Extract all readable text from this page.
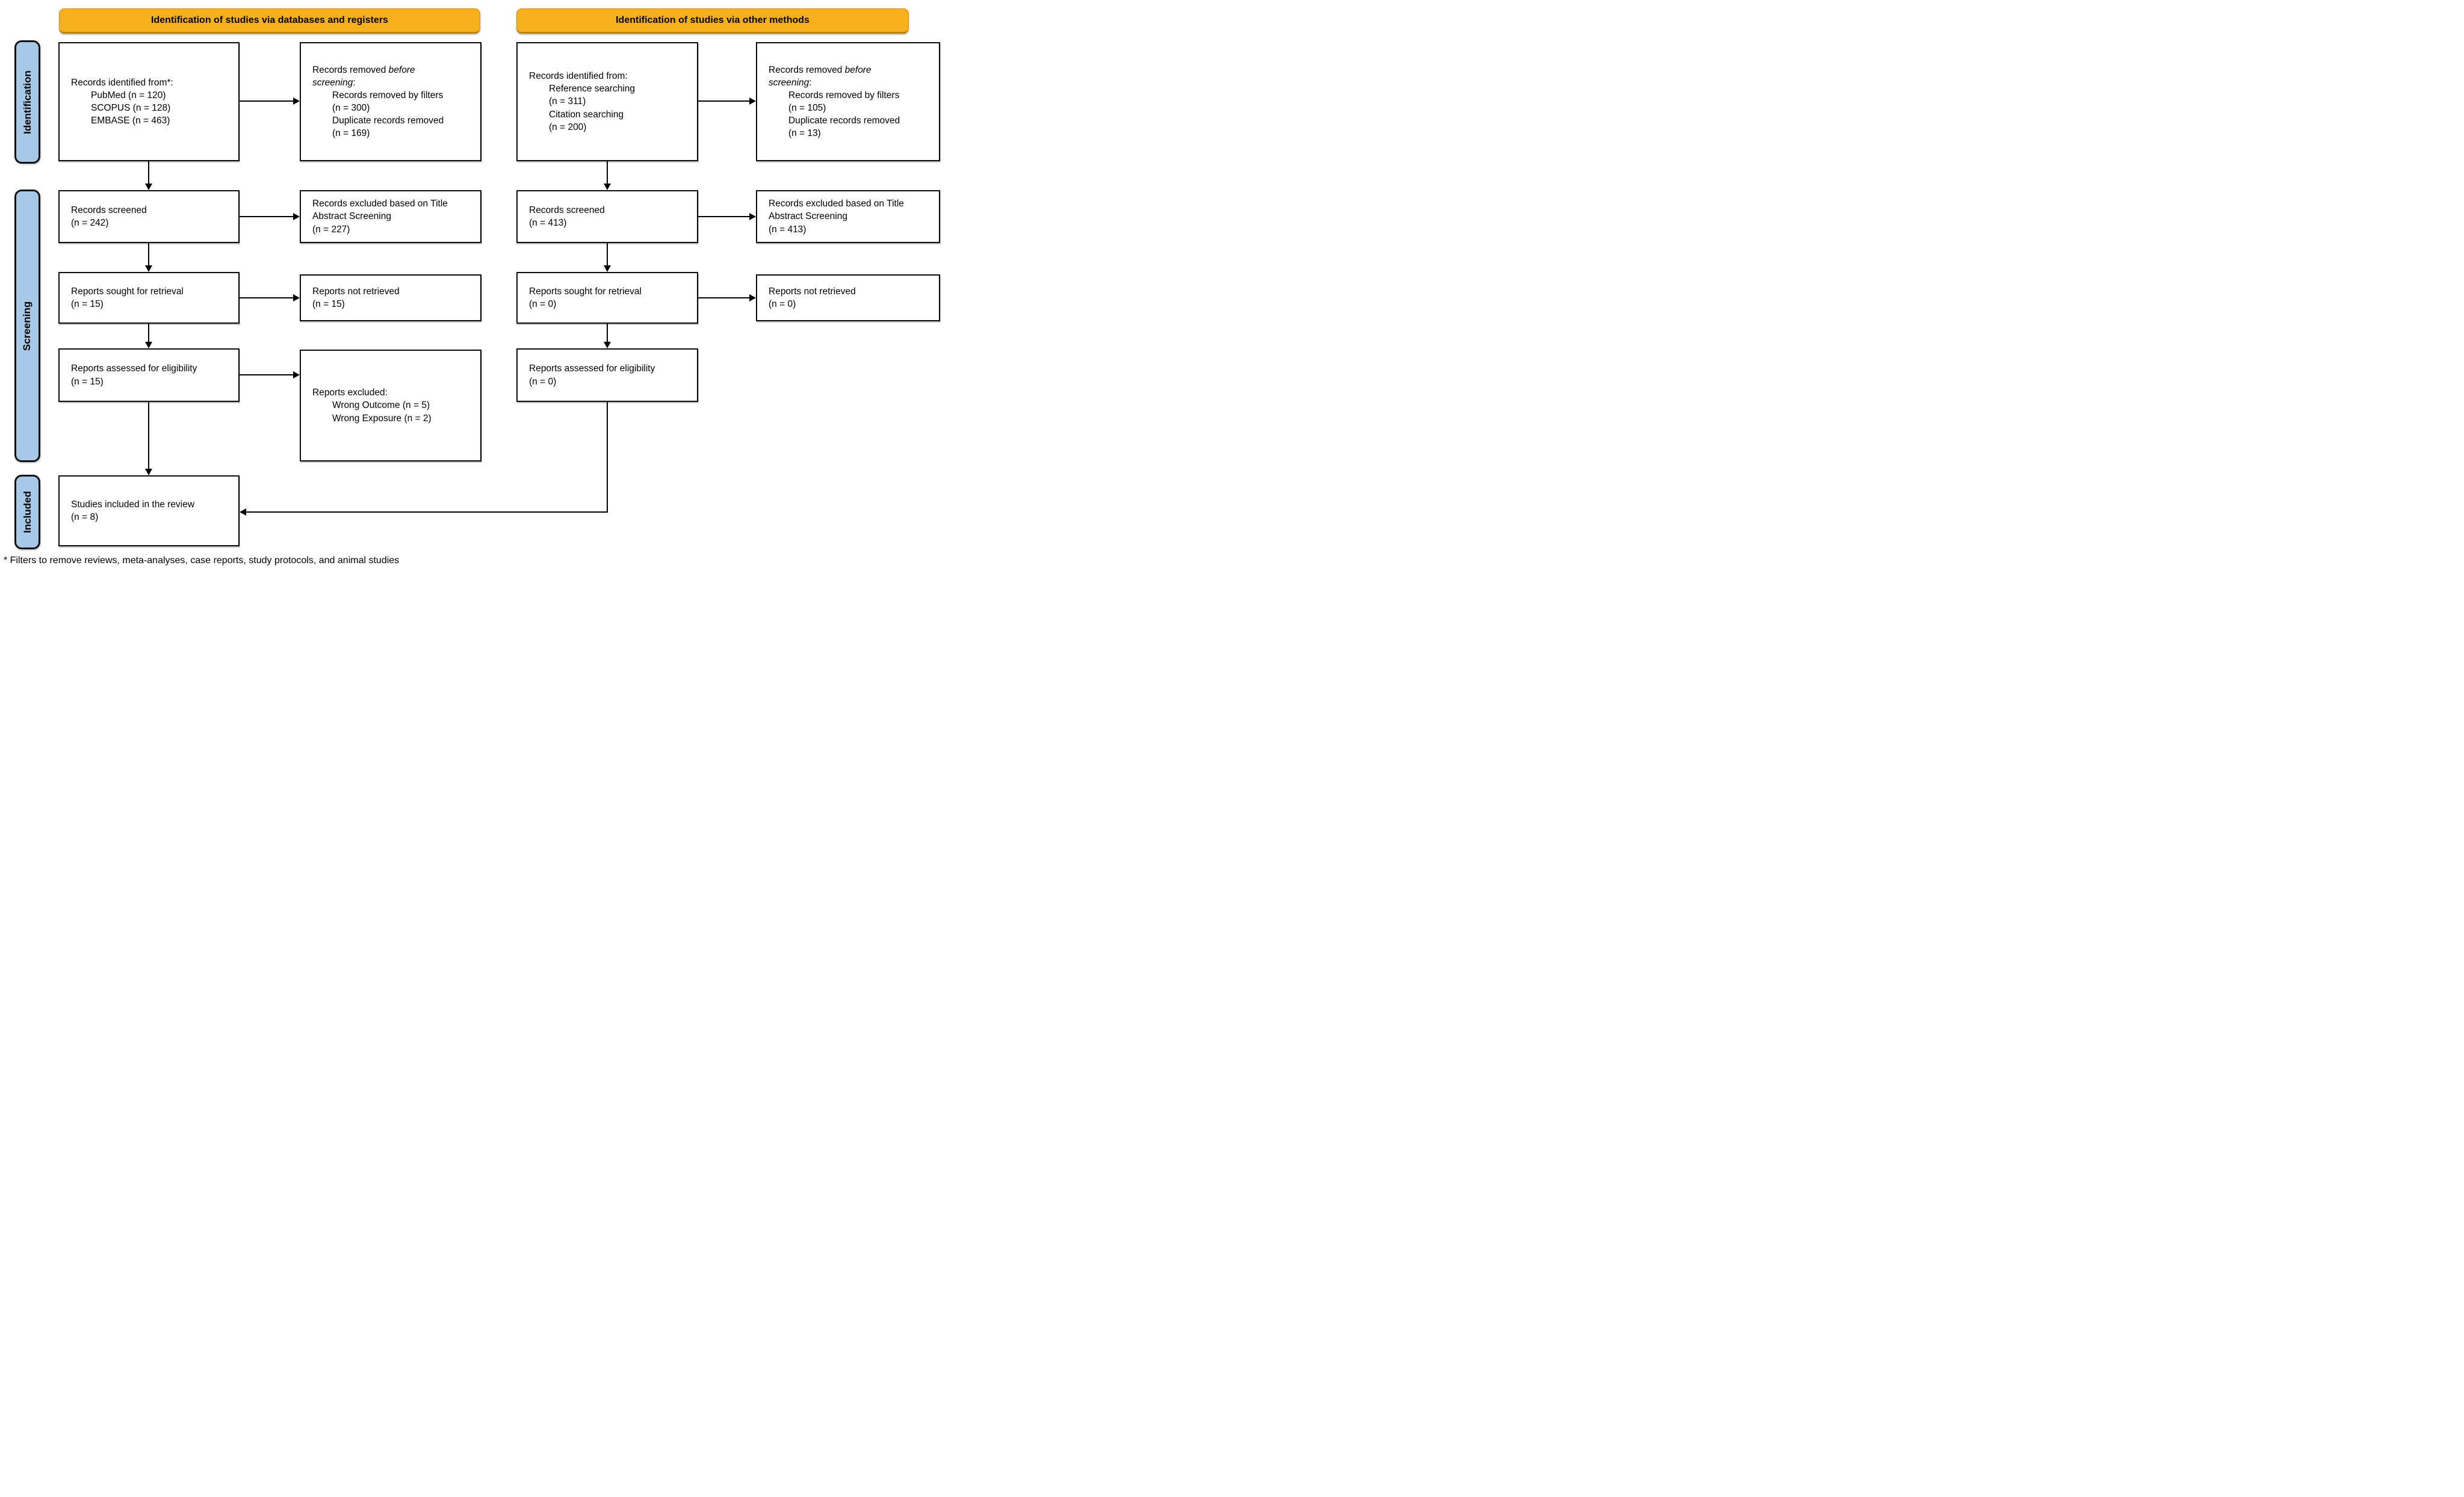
Identification of studies via databases and registers	Identification of studies via other methods
Identification
Screening
Included
Records identified from*:
PubMed (n = 120)
SCOPUS (n = 128)
EMBASE (n = 463)
Records removed before
screening:
Records removed by filters
(n = 300)
Duplicate records removed
(n = 169)
Records identified from:
Reference searching
(n = 311)
Citation searching
(n = 200)
Records removed before
screening:
Records removed by filters
(n = 105)
Duplicate records removed
(n = 13)
Records screened
(n = 242)
Records excluded based on Title
Abstract Screening
(n = 227)
Records screened
(n = 413)
Records excluded based on Title
Abstract Screening
(n = 413)
Reports sought for retrieval
(n = 15)
Reports not retrieved
(n = 15)
Reports sought for retrieval
(n = 0)
Reports not retrieved
(n = 0)
Reports assessed for eligibility
(n = 15)
Reports excluded:
Wrong Outcome (n = 5)
Wrong Exposure (n = 2)
Reports assessed for eligibility
(n = 0)
Studies included in the review
(n = 8)
* Filters to remove reviews, meta-analyses, case reports, study protocols, and animal studies
